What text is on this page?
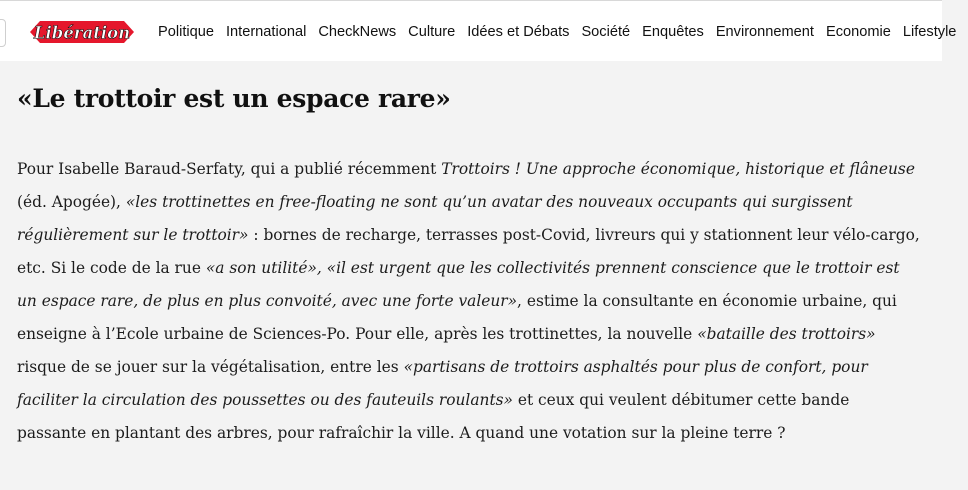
Libération Politique International CheckNews Culture Idées et Débats Société Enquêtes Environnement Economie Lifestyle
«Le trottoir est un espace rare»

Pour Isabelle Baraud-Serfaty, qui a publié récemment Trottoirs ! Une approche économique, historique et flâneuse (éd. Apogée), «les trottinettes en free-floating ne sont qu’un avatar des nouveaux occupants qui surgissent régulièrement sur le trottoir» : bornes de recharge, terrasses post-Covid, livreurs qui y stationnent leur vélo-cargo, etc. Si le code de la rue «a son utilité», «il est urgent que les collectivités prennent conscience que le trottoir est un espace rare, de plus en plus convoité, avec une forte valeur», estime la consultante en économie urbaine, qui enseigne à l’Ecole urbaine de Sciences-Po. Pour elle, après les trottinettes, la nouvelle «bataille des trottoirs» risque de se jouer sur la végétalisation, entre les «partisans de trottoirs asphaltés pour plus de confort, pour faciliter la circulation des poussettes ou des fauteuils roulants» et ceux qui veulent débitumer cette bande passante en plantant des arbres, pour rafraîchir la ville. A quand une votation sur la pleine terre ?
